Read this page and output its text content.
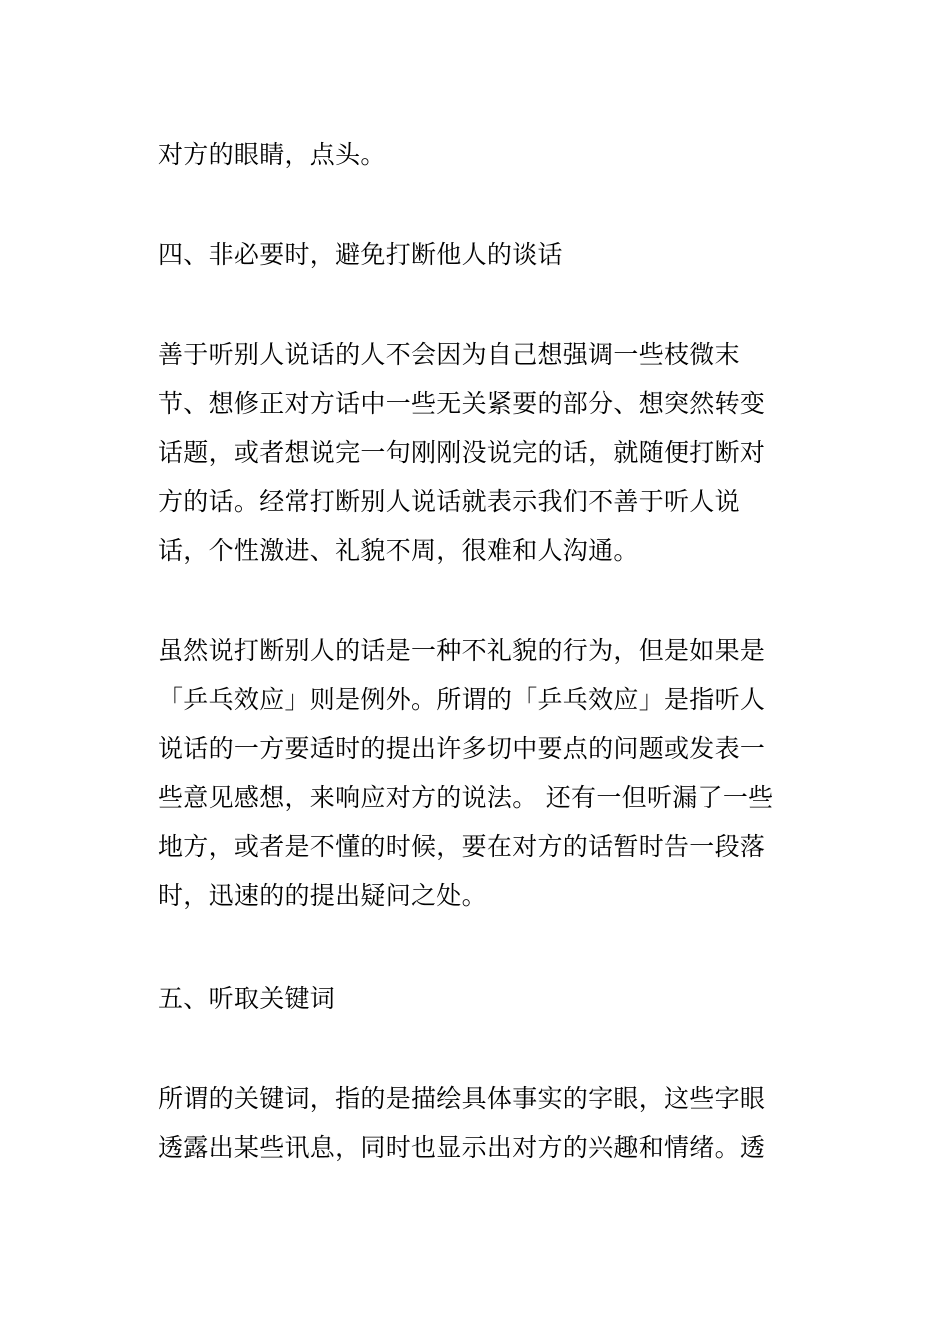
对方的眼睛，点头。
四、非必要时，避免打断他人的谈话
善于听别人说话的人不会因为自己想强调一些枝微末
节、想修正对方话中一些无关紧要的部分、想突然转变
话题，或者想说完一句刚刚没说完的话，就随便打断对
方的话。经常打断别人说话就表示我们不善于听人说
话，个性激进、礼貌不周，很难和人沟通。
虽然说打断别人的话是一种不礼貌的行为，但是如果是
「乒乓效应」则是例外。所谓的「乒乓效应」是指听人
说话的一方要适时的提出许多切中要点的问题或发表一
些意见感想，来响应对方的说法。 还有一但听漏了一些
地方，或者是不懂的时候，要在对方的话暂时告一段落
时，迅速的的提出疑问之处。
五、听取关键词
所谓的关键词，指的是描绘具体事实的字眼，这些字眼
透露出某些讯息，同时也显示出对方的兴趣和情绪。透
